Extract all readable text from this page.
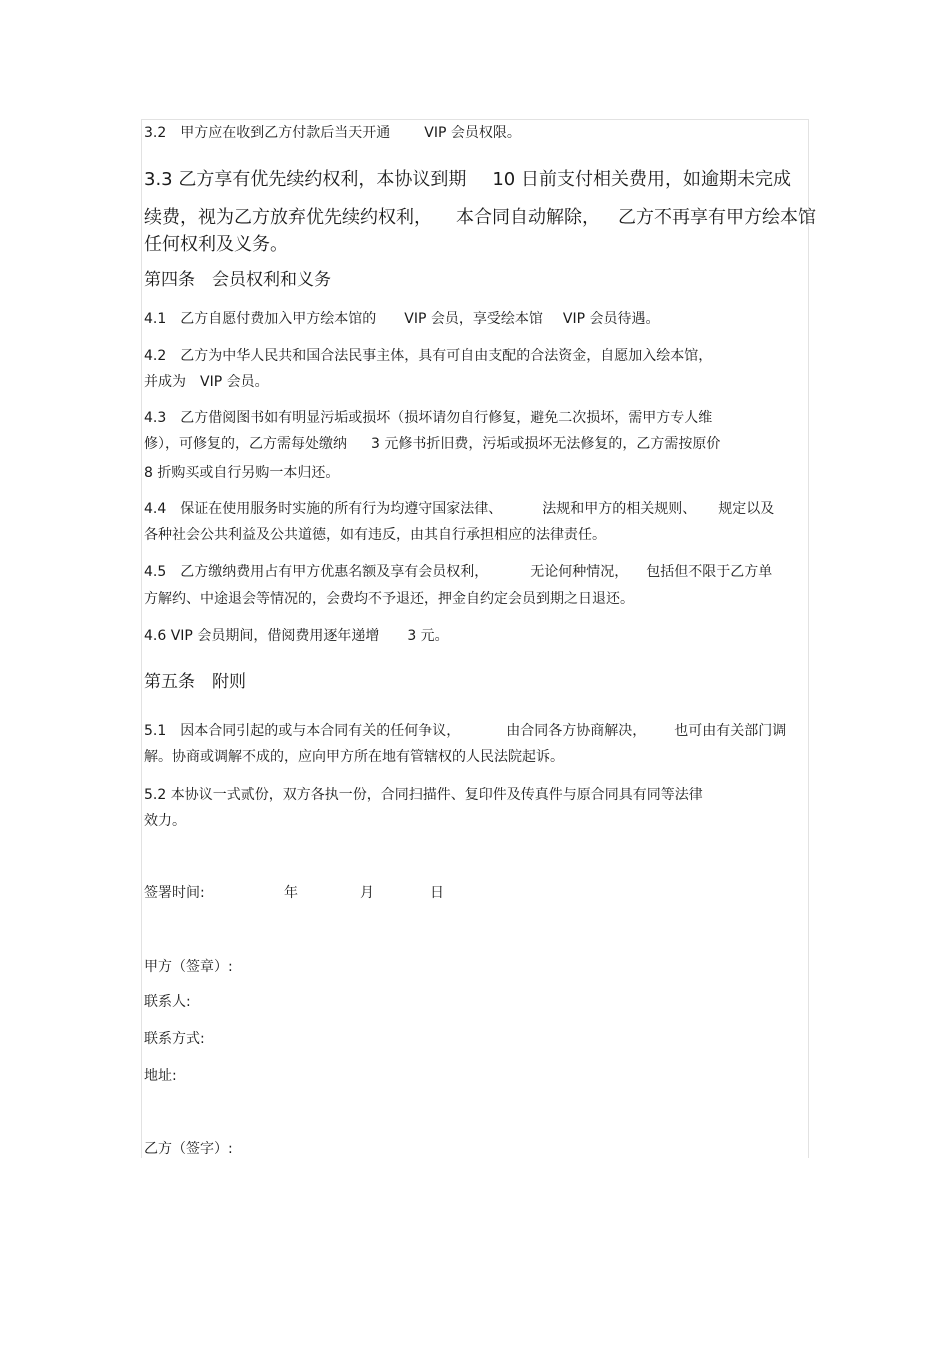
3.2　甲方应在收到乙方付款后当天开通 VIP 会员权限。
3.3 乙方享有优先续约权利，本协议到期 10 日前支付相关费用，如逾期未完成
续费，视为乙方放弃优先续约权利， 本合同自动解除， 乙方不再享有甲方绘本馆
任何权利及义务。
第四条　会员权利和义务
4.1　乙方自愿付费加入甲方绘本馆的 VIP 会员，享受绘本馆 VIP 会员待遇。
4.2　乙方为中华人民共和国合法民事主体，具有可自由支配的合法资金，自愿加入绘本馆，
并成为　VIP 会员。
4.3　乙方借阅图书如有明显污垢或损坏（损坏请勿自行修复，避免二次损坏，需甲方专人维
修），可修复的，乙方需每处缴纳 3 元修书折旧费，污垢或损坏无法修复的，乙方需按原价
8 折购买或自行另购一本归还。
4.4　保证在使用服务时实施的所有行为均遵守国家法律、	法规和甲方的相关规则、 规定以及
各种社会公共利益及公共道德，如有违反，由其自行承担相应的法律责任。
4.5　乙方缴纳费用占有甲方优惠名额及享有会员权利，	无论何种情况， 包括但不限于乙方单
方解约、中途退会等情况的，会费均不予退还，押金自约定会员到期之日退还。
4.6 VIP 会员期间，借阅费用逐年递增 3 元。
第五条　附则
5.1　因本合同引起的或与本合同有关的任何争议，	由合同各方协商解决， 也可由有关部门调
解。协商或调解不成的，应向甲方所在地有管辖权的人民法院起诉。
5.2 本协议一式贰份，双方各执一份，合同扫描件、复印件及传真件与原合同具有同等法律
效力。
签署时间:	年	月	日
甲方（签章）:
联系人:
联系方式:
地址:
乙方（签字）:
